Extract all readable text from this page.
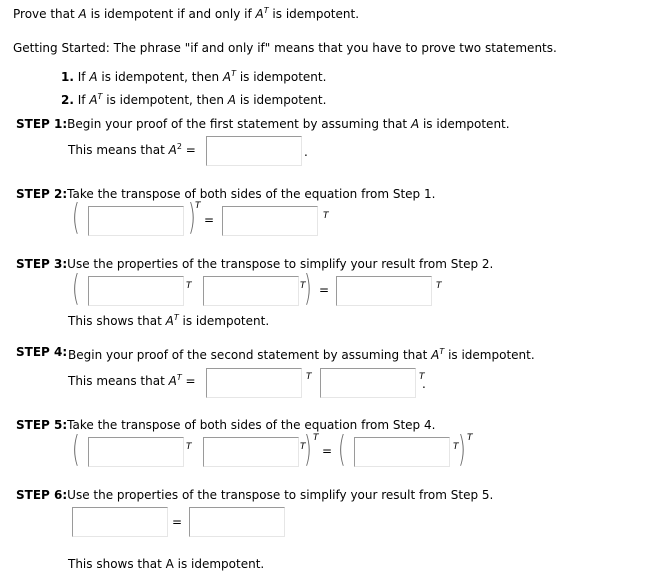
Prove that A is idempotent if and only if $A^T$ is idempotent.
Getting Started: The phrase "if and only if" means that you have to prove two statements.
1. If A is idempotent, then $A^T$ is idempotent.
2. If $A^T$ is idempotent, then A is idempotent.
STEP 1:Begin your proof of the first statement by assuming that A is idempotent.
This means that $A^2$ =	.
STEP 2:Take the transpose of both sides of the equation from Step 1.
(	) T
=	T
STEP 3:Use the properties of the transpose to simplify your result from Step 2.
(	T	T
) =	T
This shows that $A^T$ is idempotent.
STEP 4: Begin your proof of the second statement by assuming that $A^T$ is idempotent.
This means that $A^T$ =	T	T
.
STEP 5:Take the transpose of both sides of the equation from Step 4.
(	T	T
) T
= (	T ) T
STEP 6:Use the properties of the transpose to simplify your result from Step 5.
=
This shows that A is idempotent.
